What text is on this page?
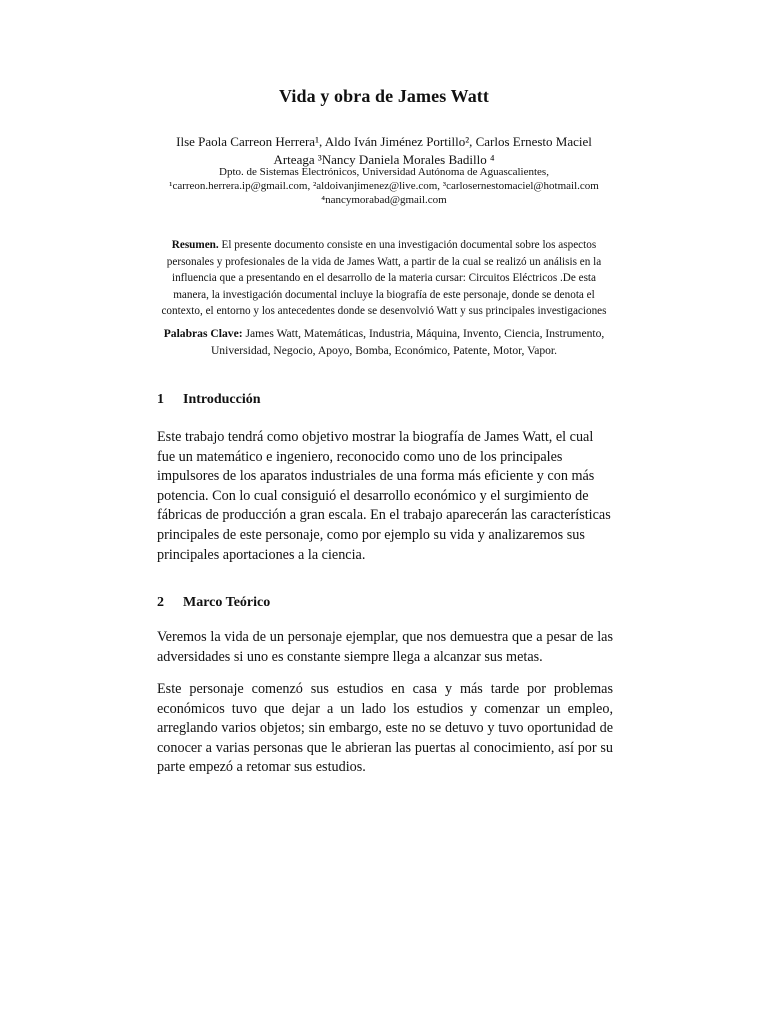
Vida y obra de James Watt
Ilse Paola Carreon Herrera¹, Aldo Iván Jiménez Portillo², Carlos Ernesto Maciel
Arteaga ³Nancy Daniela Morales Badillo ⁴
Dpto. de Sistemas Electrónicos, Universidad Autónoma de Aguascalientes,
¹carreon.herrera.ip@gmail.com, ²aldoivanjimenez@live.com, ³carlosernestomaciel@hotmail.com
⁴nancymorabad@gmail.com
Resumen. El presente documento consiste en una investigación documental sobre los aspectos personales y profesionales de la vida de James Watt, a partir de la cual se realizó un análisis en la influencia que a presentando en el desarrollo de la materia cursar: Circuitos Eléctricos .De esta manera, la investigación documental incluye la biografía de este personaje, donde se denota el contexto, el entorno y los antecedentes donde se desenvolvió Watt y sus principales investigaciones
Palabras Clave: James Watt, Matemáticas, Industria, Máquina, Invento, Ciencia, Instrumento, Universidad, Negocio, Apoyo, Bomba, Económico, Patente, Motor, Vapor.
1 Introducción
Este trabajo tendrá como objetivo mostrar la biografía de James Watt, el cual fue un matemático e ingeniero, reconocido como uno de los principales impulsores de los aparatos industriales de una forma más eficiente y con más potencia. Con lo cual consiguió el desarrollo económico y el surgimiento de fábricas de producción a gran escala. En el trabajo aparecerán las características principales de este personaje, como por ejemplo su vida y analizaremos sus principales aportaciones a la ciencia.
2 Marco Teórico
Veremos la vida de un personaje ejemplar, que nos demuestra que a pesar de las adversidades si uno es constante siempre llega a alcanzar sus metas.
Este personaje comenzó sus estudios en casa y más tarde por problemas económicos tuvo que dejar a un lado los estudios y comenzar un empleo, arreglando varios objetos; sin embargo, este no se detuvo y tuvo oportunidad de conocer a varias personas que le abrieran las puertas al conocimiento, así por su parte empezó a retomar sus estudios.
